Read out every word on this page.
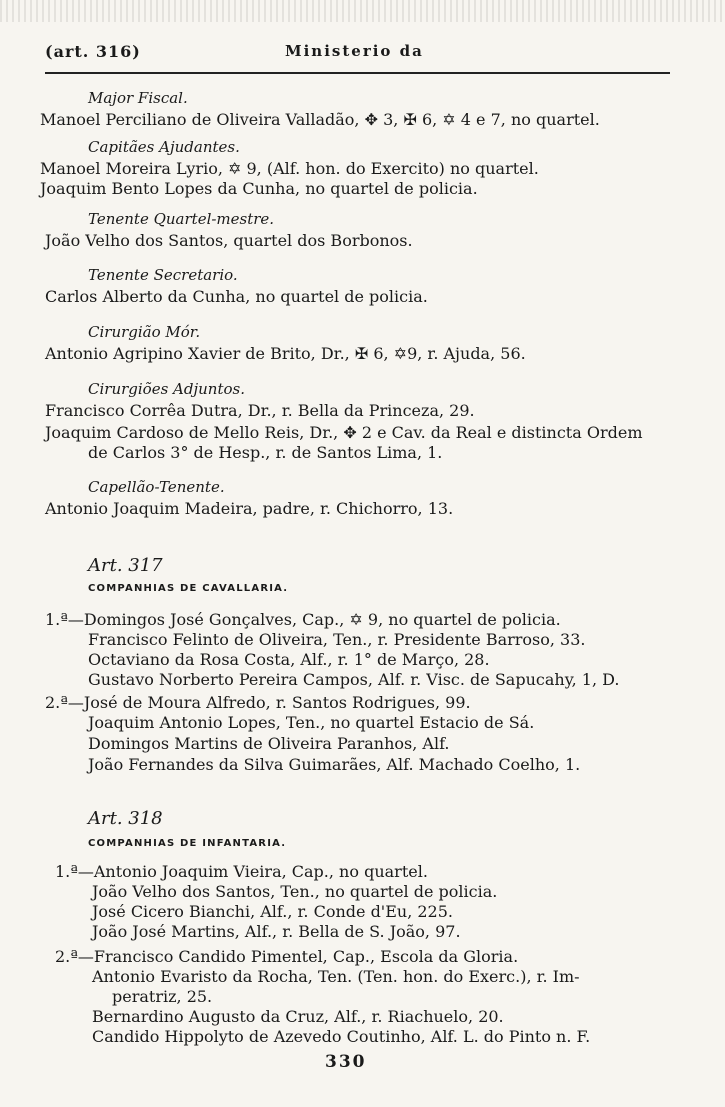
(art. 316)	Ministerio da
Major Fiscal.
Manoel Perciliano de Oliveira Valladão, ✥ 3, ✠ 6, ✡ 4 e 7, no quartel.
Capitães Ajudantes.
Manoel Moreira Lyrio, ✡ 9, (Alf. hon. do Exercito) no quartel.
Joaquim Bento Lopes da Cunha, no quartel de policia.
Tenente Quartel-mestre.
João Velho dos Santos, quartel dos Borbonos.
Tenente Secretario.
Carlos Alberto da Cunha, no quartel de policia.
Cirurgião Mór.
Antonio Agripino Xavier de Brito, Dr., ✠ 6, ✡9, r. Ajuda, 56.
Cirurgiões Adjuntos.
Francisco Corrêa Dutra, Dr., r. Bella da Princeza, 29.
Joaquim Cardoso de Mello Reis, Dr., ✥ 2 e Cav. da Real e distincta Ordem
de Carlos 3° de Hesp., r. de Santos Lima, 1.
Capellão-Tenente.
Antonio Joaquim Madeira, padre, r. Chichorro, 13.
Art. 317
COMPANHIAS DE CAVALLARIA.
1.ª—Domingos José Gonçalves, Cap., ✡ 9, no quartel de policia.
Francisco Felinto de Oliveira, Ten., r. Presidente Barroso, 33.
Octaviano da Rosa Costa, Alf., r. 1° de Março, 28.
Gustavo Norberto Pereira Campos, Alf. r. Visc. de Sapucahy, 1, D.
2.ª—José de Moura Alfredo, r. Santos Rodrigues, 99.
Joaquim Antonio Lopes, Ten., no quartel Estacio de Sá.
Domingos Martins de Oliveira Paranhos, Alf.
João Fernandes da Silva Guimarães, Alf. Machado Coelho, 1.
Art. 318
COMPANHIAS DE INFANTARIA.
1.ª—Antonio Joaquim Vieira, Cap., no quartel.
João Velho dos Santos, Ten., no quartel de policia.
José Cicero Bianchi, Alf., r. Conde d'Eu, 225.
João José Martins, Alf., r. Bella de S. João, 97.
2.ª—Francisco Candido Pimentel, Cap., Escola da Gloria.
Antonio Evaristo da Rocha, Ten. (Ten. hon. do Exerc.), r. Im-
peratriz, 25.
Bernardino Augusto da Cruz, Alf., r. Riachuelo, 20.
Candido Hippolyto de Azevedo Coutinho, Alf. L. do Pinto n. F.
330
